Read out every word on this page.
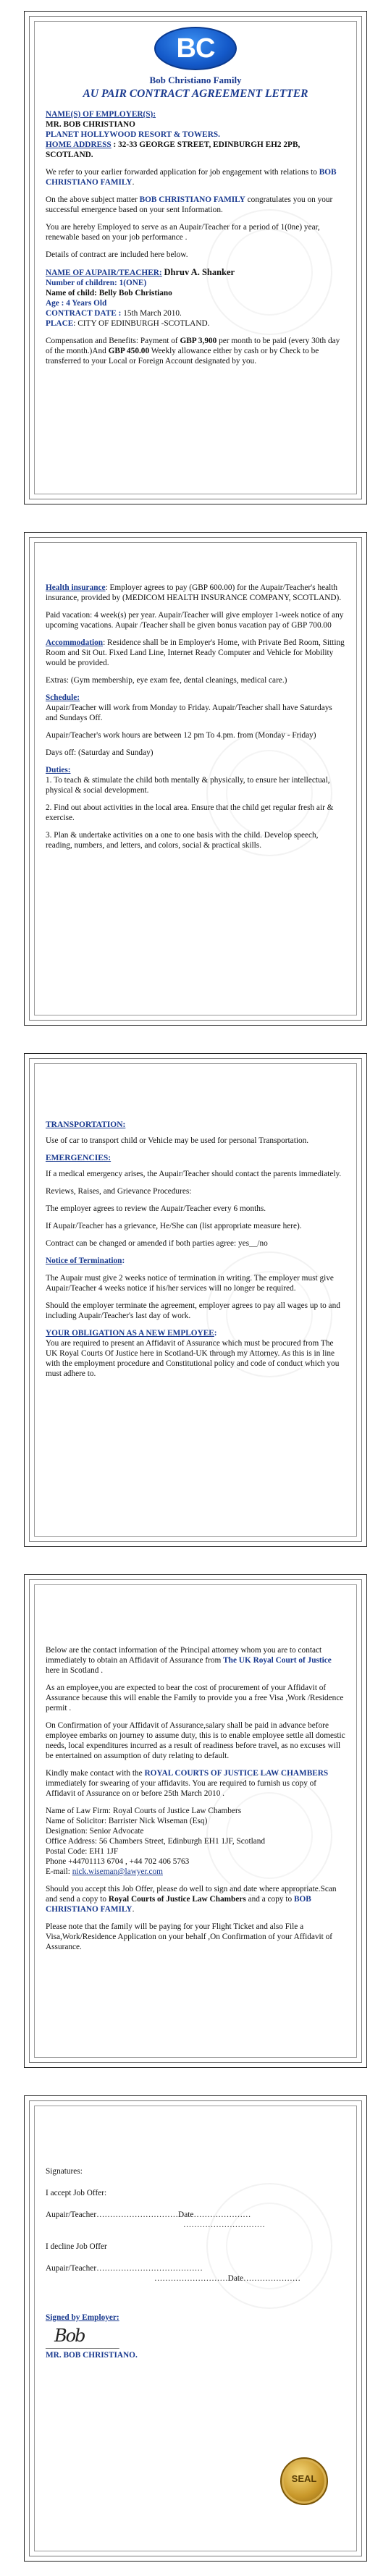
BC
Bob Christiano Family
AU PAIR CONTRACT AGREEMENT LETTER

NAME(S) OF EMPLOYER(S):

MR. BOB CHRISTIANO

PLANET HOLLYWOOD RESORT & TOWERS.

HOME ADDRESS : 32-33 GEORGE STREET, EDINBURGH EH2 2PB, SCOTLAND.

We refer to your earlier forwarded application for job engagement with relations to BOB CHRISTIANO FAMILY.

On the above subject matter BOB CHRISTIANO FAMILY congratulates you on your successful emergence based on your sent Information.

You are hereby Employed to serve as an Aupair/Teacher for a period of 1(0ne) year, renewable based on your job performance .

Details of contract are included here below.

NAME OF AUPAIR/TEACHER: Dhruv A. Shanker

Number of children: 1(ONE)

Name of child: Belly Bob Christiano

Age : 4 Years Old

CONTRACT DATE : 15th March 2010.

PLACE: CITY OF EDINBURGH -SCOTLAND.

Compensation and Benefits: Payment of GBP 3,900 per month to be paid (every 30th day of the month.)And GBP 450.00 Weekly allowance either by cash or by Check to be transferred to your Local or Foreign Account designated by you.

Health insurance: Employer agrees to pay (GBP 600.00) for the Aupair/Teacher's health insurance, provided by (MEDICOM HEALTH INSURANCE COMPANY, SCOTLAND).

Paid vacation: 4 week(s) per year. Aupair/Teacher will give employer 1-week notice of any upcoming vacations. Aupair /Teacher shall be given bonus vacation pay of GBP 700.00

Accommodation: Residence shall be in Employer's Home, with Private Bed Room, Sitting Room and Sit Out. Fixed Land Line, Internet Ready Computer and Vehicle for Mobility would be provided.

Extras: (Gym membership, eye exam fee, dental cleanings, medical care.)

Schedule:

Aupair/Teacher will work from Monday to Friday. Aupair/Teacher shall have Saturdays and Sundays Off.

Aupair/Teacher's work hours are between 12 pm To 4.pm. from (Monday - Friday)

Days off: (Saturday and Sunday)

Duties:

1. To teach & stimulate the child both mentally & physically, to ensure her intellectual, physical & social development.

2. Find out about activities in the local area. Ensure that the child get regular fresh air & exercise.

3. Plan & undertake activities on a one to one basis with the child. Develop speech, reading, numbers, and letters, and colors, social & practical skills.

TRANSPORTATION:

Use of car to transport child or Vehicle may be used for personal Transportation.

EMERGENCIES:

If a medical emergency arises, the Aupair/Teacher should contact the parents immediately.

Reviews, Raises, and Grievance Procedures:

The employer agrees to review the Aupair/Teacher every 6 months.

If Aupair/Teacher has a grievance, He/She can (list appropriate measure here).

Contract can be changed or amended if both parties agree: yes__/no

Notice of Termination:

The Aupair must give 2 weeks notice of termination in writing. The employer must give Aupair/Teacher 4 weeks notice if his/her services will no longer be required.

Should the employer terminate the agreement, employer agrees to pay all wages up to and including Aupair/Teacher's last day of work.

YOUR OBLIGATION AS A NEW EMPLOYEE:

You are required to present an Affidavit of Assurance which must be procured from The UK Royal Courts Of Justice here in Scotland-UK through my Attorney. As this is in line with the employment procedure and Constitutional policy and code of conduct which you must adhere to.

Below are the contact information of the Principal attorney whom you are to contact immediately to obtain an Affidavit of Assurance from The UK Royal Court of Justice here in Scotland .

As an employee,you are expected to bear the cost of procurement of your Affidavit of Assurance because this will enable the Family to provide you a free Visa ,Work /Residence permit .

On Confirmation of your Affidavit of Assurance,salary shall be paid in advance before employee embarks on journey to assume duty, this is to enable employee settle all domestic needs, local expenditures incurred as a result of readiness before travel, as no excuses will be entertained on assumption of duty relating to default.

Kindly make contact with the ROYAL COURTS OF JUSTICE LAW CHAMBERS immediately for swearing of your affidavits. You are required to furnish us copy of Affidavit of Assurance on or before 25th March 2010 .

Name of Law Firm: Royal Courts of Justice Law Chambers

Name of Solicitor: Barrister Nick Wiseman (Esq)

Designation: Senior Advocate

Office Address: 56 Chambers Street, Edinburgh EH1 1JF, Scotland

Postal Code: EH1 1JF

Phone +44701113 6704 , +44 702 406 5763

E-mail: nick.wiseman@lawyer.com

Should you accept this Job Offer, please do well to sign and date where appropriate.Scan and send a copy to Royal Courts of Justice Law Chambers and a copy to BOB CHRISTIANO FAMILY.

Please note that the family will be paying for your Flight Ticket and also File a Visa,Work/Residence Application on your behalf ,On Confirmation of your Affidavit of Assurance.

Signatures:

I accept Job Offer:

Aupair/Teacher…………………………Date…………………

…………………………

I decline Job Offer

Aupair/Teacher…………………………………

………………………Date…………………

Signed by Employer:

Bob

__________________

MR. BOB CHRISTIANO.

SEAL
